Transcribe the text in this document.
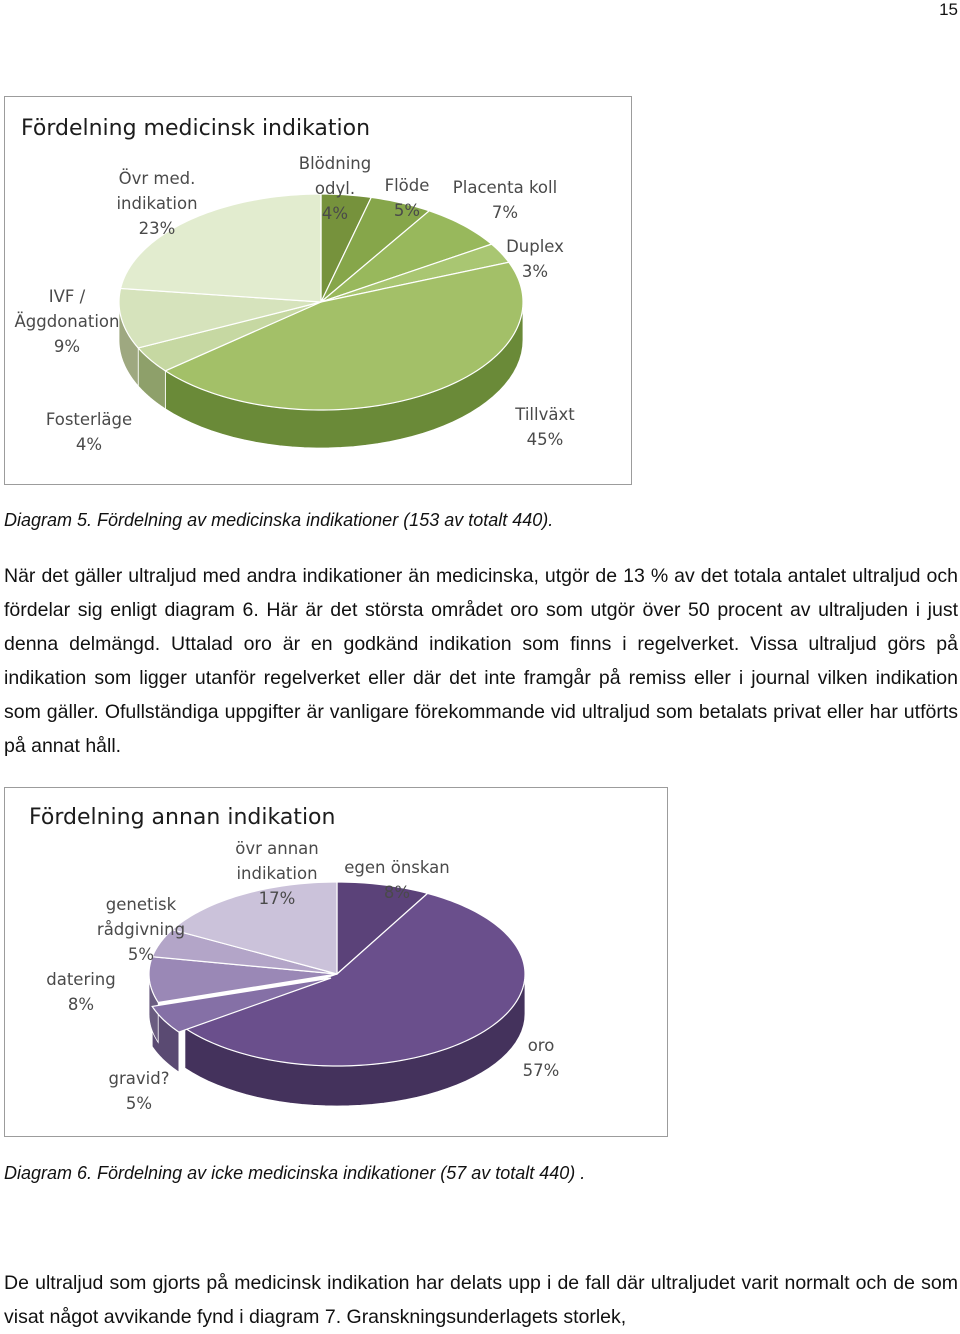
15
Fördelning medicinsk indikation
Blödning odyl. 4%
Flöde 5%
Placenta koll 7%
Duplex 3%
Tillväxt 45%
Fosterläge 4%
IVF / Äggdonation 9%
Övr med. indikation 23%
Diagram 5. Fördelning av medicinska indikationer (153 av totalt 440).
När det gäller ultraljud med andra indikationer än medicinska, utgör de 13 % av det totala antalet ultraljud och fördelar sig enligt diagram 6. Här är det största området oro som utgör över 50 procent av ultraljuden i just denna delmängd. Uttalad oro är en godkänd indikation som finns i regelverket. Vissa ultraljud görs på indikation som ligger utanför regelverket eller där det inte framgår på remiss eller i journal vilken indikation som gäller. Ofullständiga uppgifter är vanligare förekommande vid ultraljud som betalats privat eller har utförts på annat håll.
Fördelning annan indikation
egen önskan 8%
oro 57%
gravid? 5%
datering 8%
genetisk rådgivning 5%
övr annan indikation 17%
Diagram 6. Fördelning av icke medicinska indikationer (57 av totalt 440) .
De ultraljud som gjorts på medicinsk indikation har delats upp i de fall där ultraljudet varit normalt och de som visat något avvikande fynd i diagram 7. Granskningsunderlagets storlek,
